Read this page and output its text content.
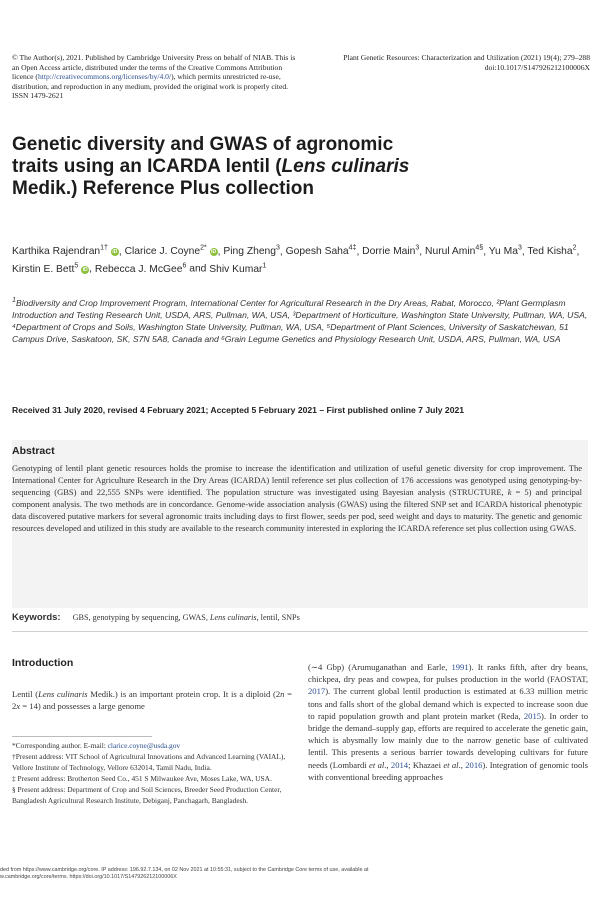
© The Author(s), 2021. Published by Cambridge University Press on behalf of NIAB. This is an Open Access article, distributed under the terms of the Creative Commons Attribution licence (http://creativecommons.org/licenses/by/4.0/), which permits unrestricted re-use, distribution, and reproduction in any medium, provided the original work is properly cited.
ISSN 1479-2621
Plant Genetic Resources: Characterization and Utilization (2021) 19(4); 279–288
doi:10.1017/S147926212100006X
Genetic diversity and GWAS of agronomic traits using an ICARDA lentil (Lens culinaris Medik.) Reference Plus collection
Karthika Rajendran$^{1\dagger}$ iD , Clarice J. Coyne$^{2*}$ iD , Ping Zheng$^3$, Gopesh Saha$^{4\ddagger}$, Dorrie Main$^3$, Nurul Amin$^{4\S}$, Yu Ma$^3$, Ted Kisha$^2$, Kirstin E. Bett$^5$ iD , Rebecca J. McGee$^6$ and Shiv Kumar$^1$
$^1$Biodiversity and Crop Improvement Program, International Center for Agricultural Research in the Dry Areas, Rabat, Morocco, ²Plant Germplasm Introduction and Testing Research Unit, USDA, ARS, Pullman, WA, USA, ³Department of Horticulture, Washington State University, Pullman, WA, USA, ⁴Department of Crops and Soils, Washington State University, Pullman, WA, USA, ⁵Department of Plant Sciences, University of Saskatchewan, 51 Campus Drive, Saskatoon, SK, S7N 5A8, Canada and ⁶Grain Legume Genetics and Physiology Research Unit, USDA, ARS, Pullman, WA, USA
Received 31 July 2020, revised 4 February 2021; Accepted 5 February 2021 – First published online 7 July 2021
Abstract
Genotyping of lentil plant genetic resources holds the promise to increase the identification and utilization of useful genetic diversity for crop improvement. The International Center for Agriculture Research in the Dry Areas (ICARDA) lentil reference set plus collection of 176 accessions was genotyped using genotyping-by-sequencing (GBS) and 22,555 SNPs were identified. The population structure was investigated using Bayesian analysis (STRUCTURE, k = 5) and principal component analysis. The two methods are in concordance. Genome-wide association analysis (GWAS) using the filtered SNP set and ICARDA historical phenotypic data discovered putative markers for several agronomic traits including days to first flower, seeds per pod, seed weight and days to maturity. The genetic and genomic resources developed and utilized in this study are available to the research community interested in exploring the ICARDA reference set plus collection using GWAS.
Keywords: GBS, genotyping by sequencing, GWAS, Lens culinaris, lentil, SNPs
Introduction
Lentil (Lens culinaris Medik.) is an important protein crop. It is a diploid (2n = 2x = 14) and possesses a large genome
(∼4 Gbp) (Arumuganathan and Earle, 1991). It ranks fifth, after dry beans, chickpea, dry peas and cowpea, for pulses production in the world (FAOSTAT, 2017). The current global lentil production is estimated at 6.33 million metric tons and falls short of the global demand which is expected to increase soon due to rapid population growth and plant protein market (Reda, 2015). In order to bridge the demand–supply gap, efforts are required to accelerate the genetic gain, which is abysmally low mainly due to the narrow genetic base of cultivated lentil. This presents a serious barrier towards developing cultivars for future needs (Lombardi et al., 2014; Khazaei et al., 2016). Integration of genomic tools with conventional breeding approaches
*Corresponding author. E-mail: clarice.coyne@usda.gov
†Present address: VIT School of Agricultural Innovations and Advanced Learning (VAIAL), Vellore Institute of Technology, Vellore 632014, Tamil Nadu, India.
‡ Present address: Brotherton Seed Co., 451 S Milwaukee Ave, Moses Lake, WA, USA.
§ Present address: Department of Crop and Soil Sciences, Breeder Seed Production Center, Bangladesh Agricultural Research Institute, Debiganj, Panchagarh, Bangladesh.
ded from https://www.cambridge.org/core. IP address: 196.92.7.134, on 02 Nov 2021 at 10:55:31, subject to the Cambridge Core terms of use, available at
w.cambridge.org/core/terms. https://doi.org/10.1017/S147926212100006X
